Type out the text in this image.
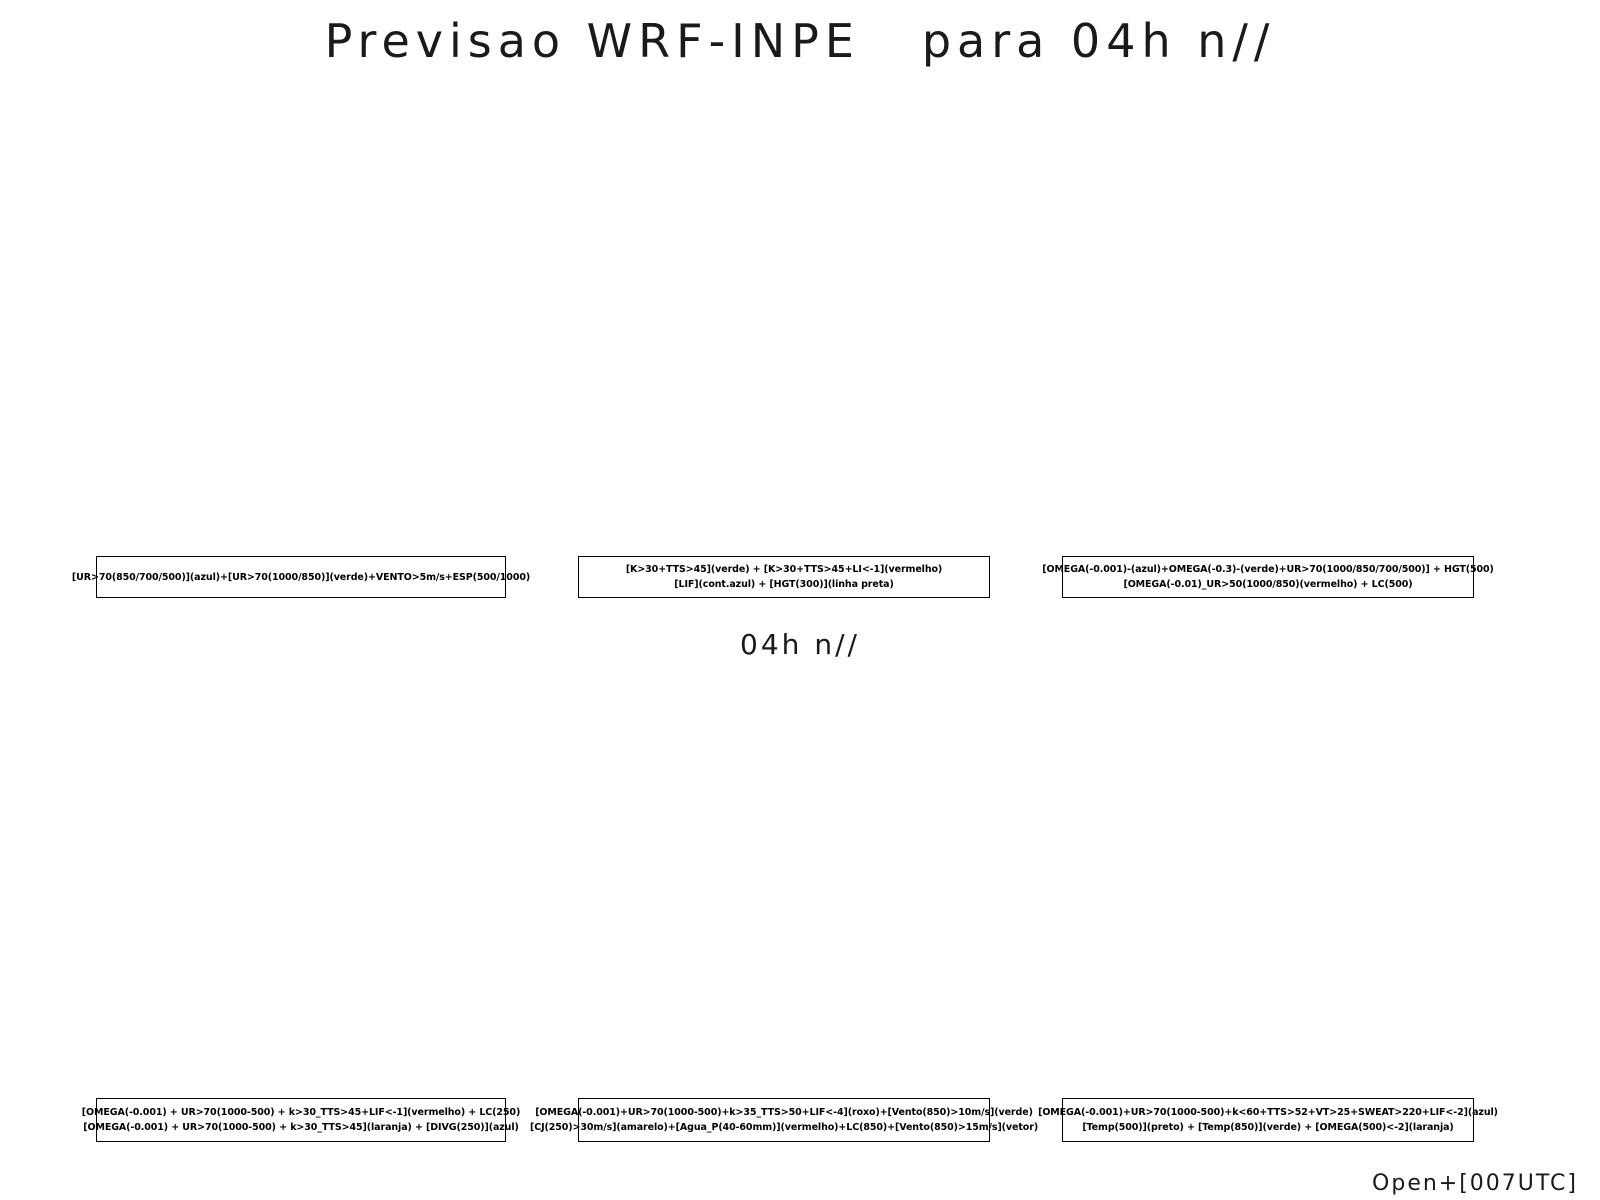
Previsao WRF-INPE   para 04h n//
[UR>70(850/700/500)](azul)+[UR>70(1000/850)](verde)+VENTO>5m/s+ESP(500/1000)
[K>30+TTS>45](verde) + [K>30+TTS>45+LI<-1](vermelho)
[LIF](cont.azul) + [HGT(300)](linha preta)
[OMEGA(-0.001)-(azul)+OMEGA(-0.3)-(verde)+UR>70(1000/850/700/500)] + HGT(500)
[OMEGA(-0.01)_UR>50(1000/850)(vermelho) + LC(500)
04h n//
[OMEGA(-0.001) + UR>70(1000-500) + k>30_TTS>45+LIF<-1](vermelho) + LC(250)
[OMEGA(-0.001) + UR>70(1000-500) + k>30_TTS>45](laranja) + [DIVG(250)](azul)
[OMEGA(-0.001)+UR>70(1000-500)+k>35_TTS>50+LIF<-4](roxo)+[Vento(850)>10m/s](verde)
[CJ(250)>30m/s](amarelo)+[Agua_P(40-60mm)](vermelho)+LC(850)+[Vento(850)>15m/s](vetor)
[OMEGA(-0.001)+UR>70(1000-500)+k<60+TTS>52+VT>25+SWEAT>220+LIF<-2](azul)
[Temp(500)](preto) + [Temp(850)](verde) + [OMEGA(500)<-2](laranja)
Open+[007UTC]
